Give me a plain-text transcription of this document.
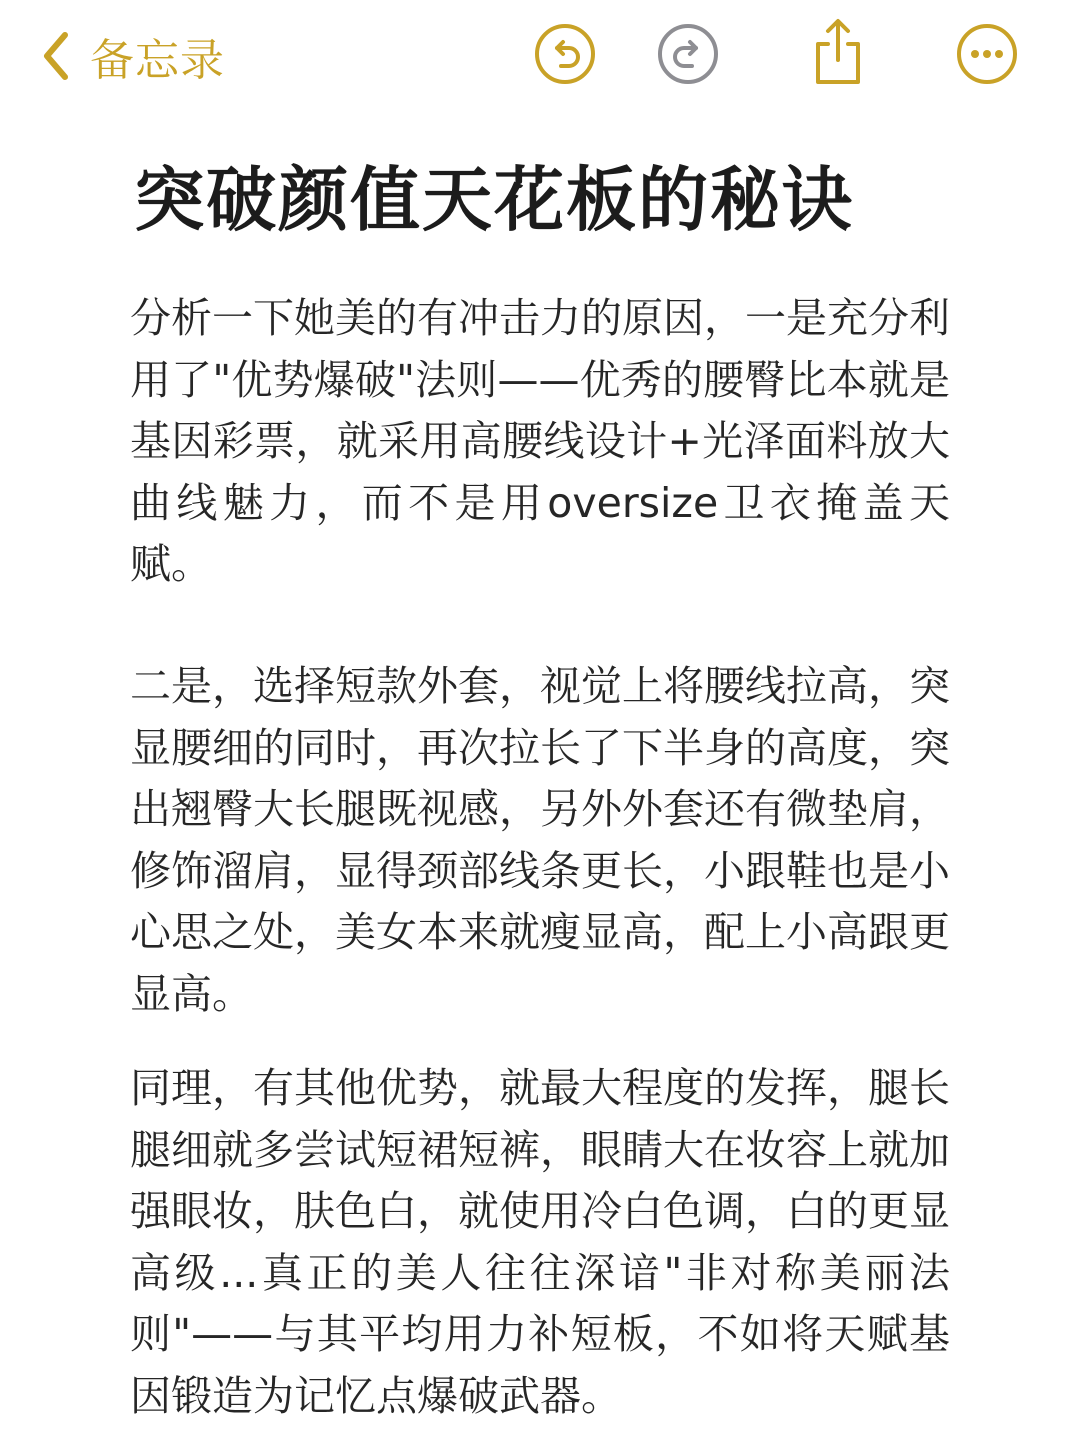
备忘录
突破颜值天花板的秘诀

分析一下她美的有冲击力的原因，一是充分利用了"优势爆破"法则——优秀的腰臀比本就是基因彩票，就采用高腰线设计+光泽面料放大曲线魅力，而不是用oversize卫衣掩盖天赋。

二是，选择短款外套，视觉上将腰线拉高，突显腰细的同时，再次拉长了下半身的高度，突出翘臀大长腿既视感，另外外套还有微垫肩，修饰溜肩，显得颈部线条更长，小跟鞋也是小心思之处，美女本来就瘦显高，配上小高跟更显高。

同理，有其他优势，就最大程度的发挥，腿长腿细就多尝试短裙短裤，眼睛大在妆容上就加强眼妆，肤色白，就使用冷白色调，白的更显高级...真正的美人往往深谙"非对称美丽法则"——与其平均用力补短板，不如将天赋基因锻造为记忆点爆破武器。
